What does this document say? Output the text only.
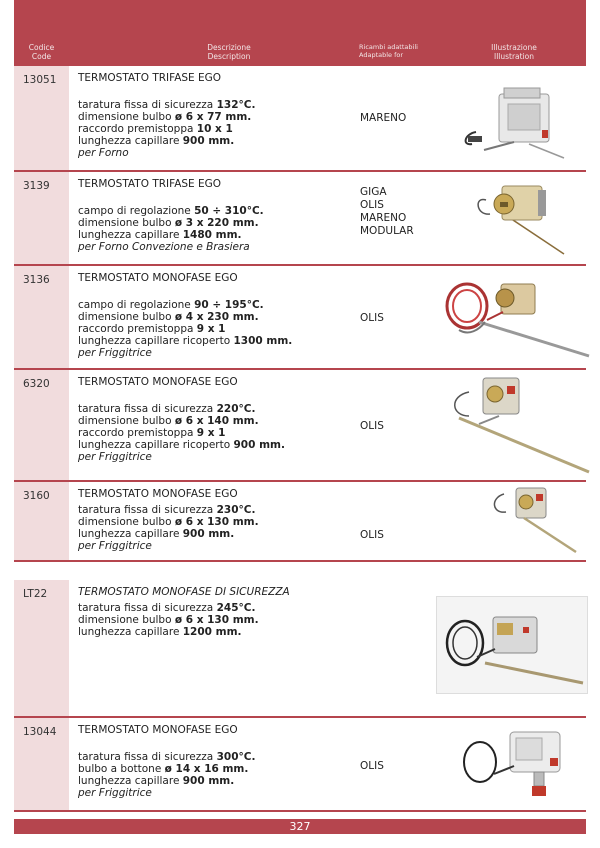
Codice
Code
Descrizione
Description
Ricambi adattabili
Adaptable for
Illustrazione
Illustration
13051 TERMOSTATO TRIFASE EGO
taratura fissa di sicurezza 132°C.
dimensione bulbo ø 6 x 77 mm.
raccordo premistoppa 10 x 1
lunghezza capillare 900 mm.
per Forno
MARENO
3139	TERMOSTATO TRIFASE EGO
campo di regolazione 50 ÷ 310°C.
dimensione bulbo ø 3 x 220 mm.
lunghezza capillare 1480 mm.
per Forno Convezione e Brasiera
GIGA
OLIS
MARENO
MODULAR
3136	TERMOSTATO MONOFASE EGO
campo di regolazione 90 ÷ 195°C.
dimensione bulbo ø 4 x 230 mm.
raccordo premistoppa 9 x 1
lunghezza capillare ricoperto 1300 mm.
per Friggitrice
OLIS
6320	TERMOSTATO MONOFASE EGO
taratura fissa di sicurezza 220°C.
dimensione bulbo ø 6 x 140 mm.
raccordo premistoppa 9 x 1
lunghezza capillare ricoperto 900 mm.
per Friggitrice
OLIS
3160	TERMOSTATO MONOFASE EGO
taratura fissa di sicurezza 230°C.
dimensione bulbo ø 6 x 130 mm.
lunghezza capillare 900 mm.
per Friggitrice
OLIS
LT22	TERMOSTATO MONOFASE DI SICUREZZA
taratura fissa di sicurezza 245°C.
dimensione bulbo ø 6 x 130 mm.
lunghezza capillare 1200 mm.
13044 TERMOSTATO MONOFASE EGO
taratura fissa di sicurezza 300°C.
bulbo a bottone ø 14 x 16 mm.
lunghezza capillare 900 mm.
per Friggitrice
OLIS
327
